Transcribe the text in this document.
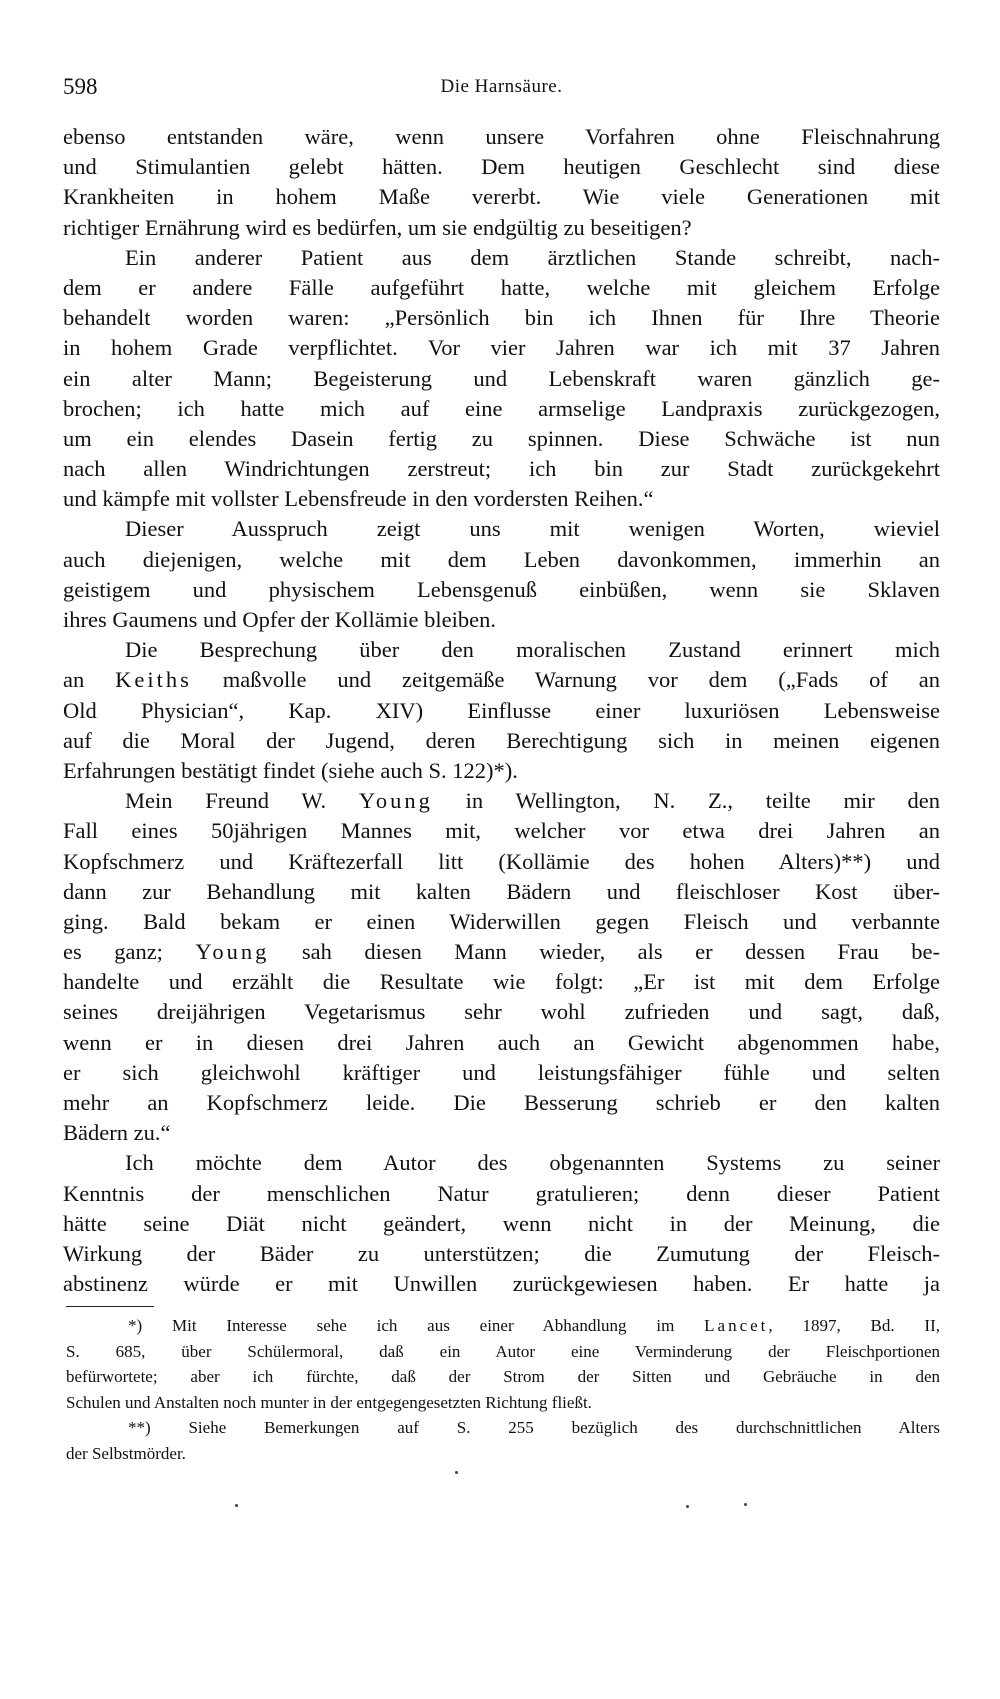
598	Die Harnsäure.
ebenso entstanden wäre, wenn unsere Vorfahren ohne Fleischnahrung
und Stimulantien gelebt hätten. Dem heutigen Geschlecht sind diese
Krankheiten in hohem Maße vererbt. Wie viele Generationen mit
richtiger Ernährung wird es bedürfen, um sie endgültig zu beseitigen?
Ein anderer Patient aus dem ärztlichen Stande schreibt, nach-
dem er andere Fälle aufgeführt hatte, welche mit gleichem Erfolge
behandelt worden waren: „Persönlich bin ich Ihnen für Ihre Theorie
in hohem Grade verpflichtet. Vor vier Jahren war ich mit 37 Jahren
ein alter Mann; Begeisterung und Lebenskraft waren gänzlich ge-
brochen; ich hatte mich auf eine armselige Landpraxis zurückgezogen,
um ein elendes Dasein fertig zu spinnen. Diese Schwäche ist nun
nach allen Windrichtungen zerstreut; ich bin zur Stadt zurückgekehrt
und kämpfe mit vollster Lebensfreude in den vordersten Reihen.“
Dieser Ausspruch zeigt uns mit wenigen Worten, wieviel
auch diejenigen, welche mit dem Leben davonkommen, immerhin an
geistigem und physischem Lebensgenuß einbüßen, wenn sie Sklaven
ihres Gaumens und Opfer der Kollämie bleiben.
Die Besprechung über den moralischen Zustand erinnert mich
an Keiths maßvolle und zeitgemäße Warnung vor dem („Fads of an
Old Physician“, Kap. XIV) Einflusse einer luxuriösen Lebensweise
auf die Moral der Jugend, deren Berechtigung sich in meinen eigenen
Erfahrungen bestätigt findet (siehe auch S. 122)*).
Mein Freund W. Young in Wellington, N. Z., teilte mir den
Fall eines 50jährigen Mannes mit, welcher vor etwa drei Jahren an
Kopfschmerz und Kräftezerfall litt (Kollämie des hohen Alters)**) und
dann zur Behandlung mit kalten Bädern und fleischloser Kost über-
ging. Bald bekam er einen Widerwillen gegen Fleisch und verbannte
es ganz; Young sah diesen Mann wieder, als er dessen Frau be-
handelte und erzählt die Resultate wie folgt: „Er ist mit dem Erfolge
seines dreijährigen Vegetarismus sehr wohl zufrieden und sagt, daß,
wenn er in diesen drei Jahren auch an Gewicht abgenommen habe,
er sich gleichwohl kräftiger und leistungsfähiger fühle und selten
mehr an Kopfschmerz leide. Die Besserung schrieb er den kalten
Bädern zu.“
Ich möchte dem Autor des obgenannten Systems zu seiner
Kenntnis der menschlichen Natur gratulieren; denn dieser Patient
hätte seine Diät nicht geändert, wenn nicht in der Meinung, die
Wirkung der Bäder zu unterstützen; die Zumutung der Fleisch-
abstinenz würde er mit Unwillen zurückgewiesen haben. Er hatte ja
*) Mit Interesse sehe ich aus einer Abhandlung im Lancet, 1897, Bd. II,
S. 685, über Schülermoral, daß ein Autor eine Verminderung der Fleischportionen
befürwortete; aber ich fürchte, daß der Strom der Sitten und Gebräuche in den
Schulen und Anstalten noch munter in der entgegengesetzten Richtung fließt.
**) Siehe Bemerkungen auf S. 255 bezüglich des durchschnittlichen Alters
der Selbstmörder.
